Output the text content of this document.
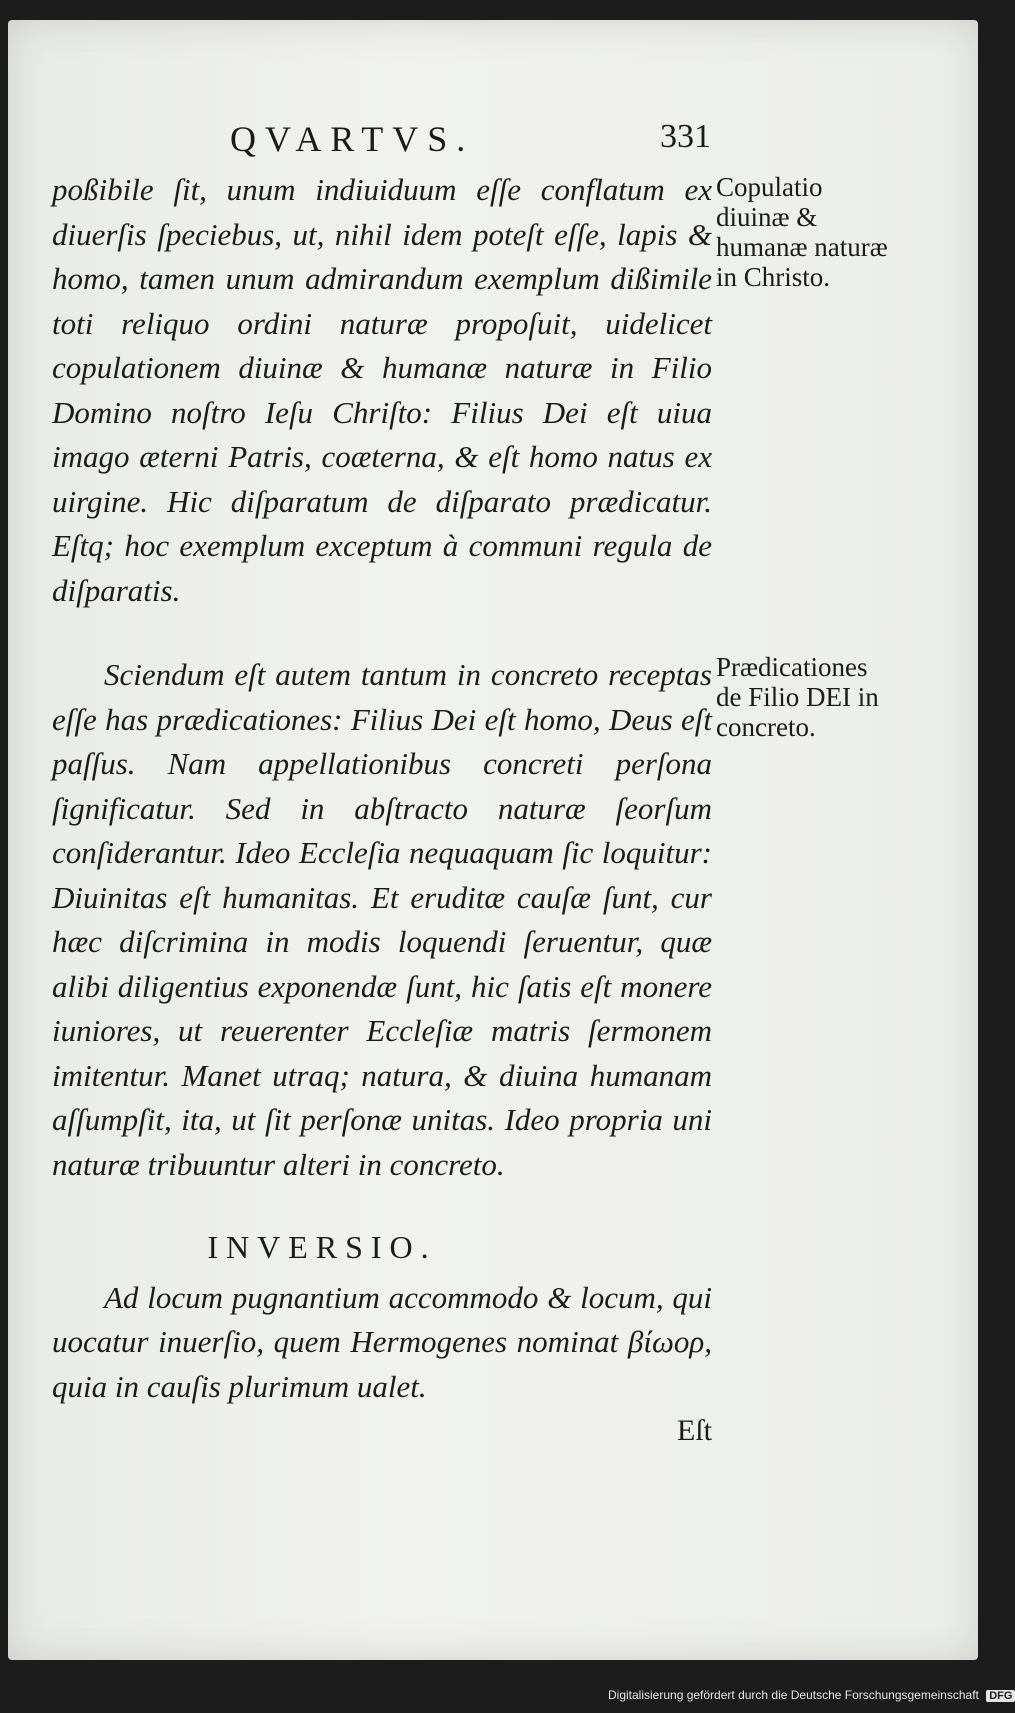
QVARTVS.	331

poßibile ſit, unum indiuiduum eſſe conflatum ex diuerſis ſpeciebus, ut, nihil idem poteſt eſſe, lapis & homo, tamen unum admirandum exemplum dißimile toti reliquo ordini naturæ propoſuit, uidelicet copulationem diuinæ & humanæ naturæ in Filio Domino noſtro Ieſu Chriſto: Filius Dei eſt uiua imago æterni Patris, coæterna, & eſt homo natus ex uirgine. Hic diſparatum de diſparato prædicatur. Eſtq; hoc exemplum exceptum à communi regula de diſparatis.

Sciendum eſt autem tantum in concreto receptas eſſe has prædicationes: Filius Dei eſt homo, Deus eſt paſſus. Nam appellationibus concreti perſona ſignificatur. Sed in abſtracto naturæ ſeorſum conſiderantur. Ideo Eccleſia nequaquam ſic loquitur: Diuinitas eſt humanitas. Et eruditæ cauſæ ſunt, cur hæc diſcrimina in modis loquendi ſeruentur, quæ alibi diligentius exponendæ ſunt, hic ſatis eſt monere iuniores, ut reuerenter Eccleſiæ matris ſermonem imitentur. Manet utraq; natura, & diuina humanam aſſumpſit, ita, ut ſit perſonæ unitas. Ideo propria uni naturæ tribuuntur alteri in concreto.

INVERSIO.

Ad locum pugnantium accommodo & locum, qui uocatur inuerſio, quem Hermogenes nominat βίωορ, quia in cauſis plurimum ualet.

Eſt

Copulatio diuinæ & humanæ naturæ in Christo.
Prædicationes de Filio DEI in concreto.
Digitalisierung gefördert durch die Deutsche Forschungsgemeinschaft DFG
